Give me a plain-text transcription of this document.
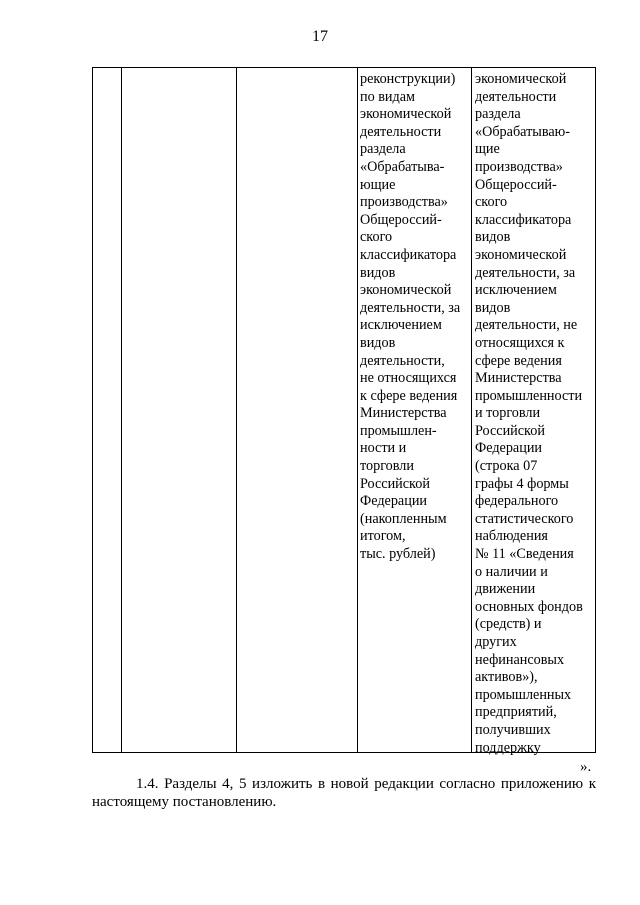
17
реконструкции)
по видам
экономической
деятельности
раздела
«Обрабатыва-
ющие
производства»
Общероссий-
ского
классификатора
видов
экономической
деятельности, за
исключением
видов
деятельности,
не относящихся
к сфере ведения
Министерства
промышлен-
ности и
торговли
Российской
Федерации
(накопленным
итогом,
тыс. рублей)
экономической
деятельности
раздела
«Обрабатываю-
щие
производства»
Общероссий-
ского
классификатора
видов
экономической
деятельности, за
исключением
видов
деятельности, не
относящихся к
сфере ведения
Министерства
промышленности
и торговли
Российской
Федерации
(строка 07
графы 4 формы
федерального
статистического
наблюдения
№ 11 «Сведения
о наличии и
движении
основных фондов
(средств) и
других
нефинансовых
активов»),
промышленных
предприятий,
получивших
поддержку
».

1.4. Разделы 4, 5 изложить в новой редакции согласно приложению к настоящему постановлению.
